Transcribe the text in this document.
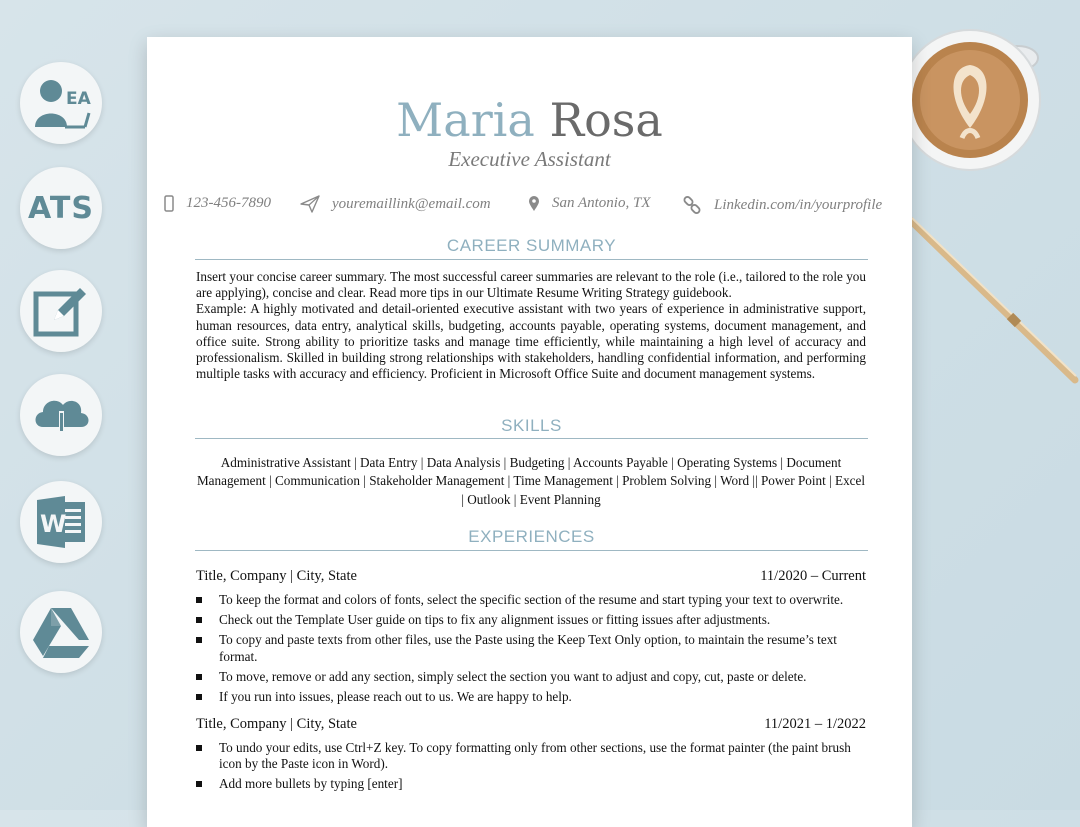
EA
ATS
W
Maria Rosa
Executive Assistant
123-456-7890	youremaillink@email.com	San Antonio, TX	Linkedin.com/in/yourprofile
CAREER SUMMARY

Insert your concise career summary. The most successful career summaries are relevant to the role (i.e., tailored to the role you are applying), concise and clear. Read more tips in our Ultimate Resume Writing Strategy guidebook.

Example: A highly motivated and detail-oriented executive assistant with two years of experience in administrative support, human resources, data entry, analytical skills, budgeting, accounts payable, operating systems, document management, and office suite. Strong ability to prioritize tasks and manage time efficiently, while maintaining a high level of accuracy and professionalism. Skilled in building strong relationships with stakeholders, handling confidential information, and performing multiple tasks with accuracy and efficiency. Proficient in Microsoft Office Suite and document management systems.

SKILLS
Administrative Assistant | Data Entry | Data Analysis | Budgeting | Accounts Payable | Operating Systems | Document Management | Communication | Stakeholder Management | Time Management | Problem Solving | Word || Power Point | Excel | Outlook | Event Planning
EXPERIENCES
Title, Company | City, State	11/2020 – Current
To keep the format and colors of fonts, select the specific section of the resume and start typing your text to overwrite.
Check out the Template User guide on tips to fix any alignment issues or fitting issues after adjustments.
To copy and paste texts from other files, use the Paste using the Keep Text Only option, to maintain the resume’s text format.
To move, remove or add any section, simply select the section you want to adjust and copy, cut, paste or delete.
If you run into issues, please reach out to us. We are happy to help.
Title, Company | City, State	11/2021 – 1/2022
To undo your edits, use Ctrl+Z key. To copy formatting only from other sections, use the format painter (the paint brush icon by the Paste icon in Word).
Add more bullets by typing [enter]
